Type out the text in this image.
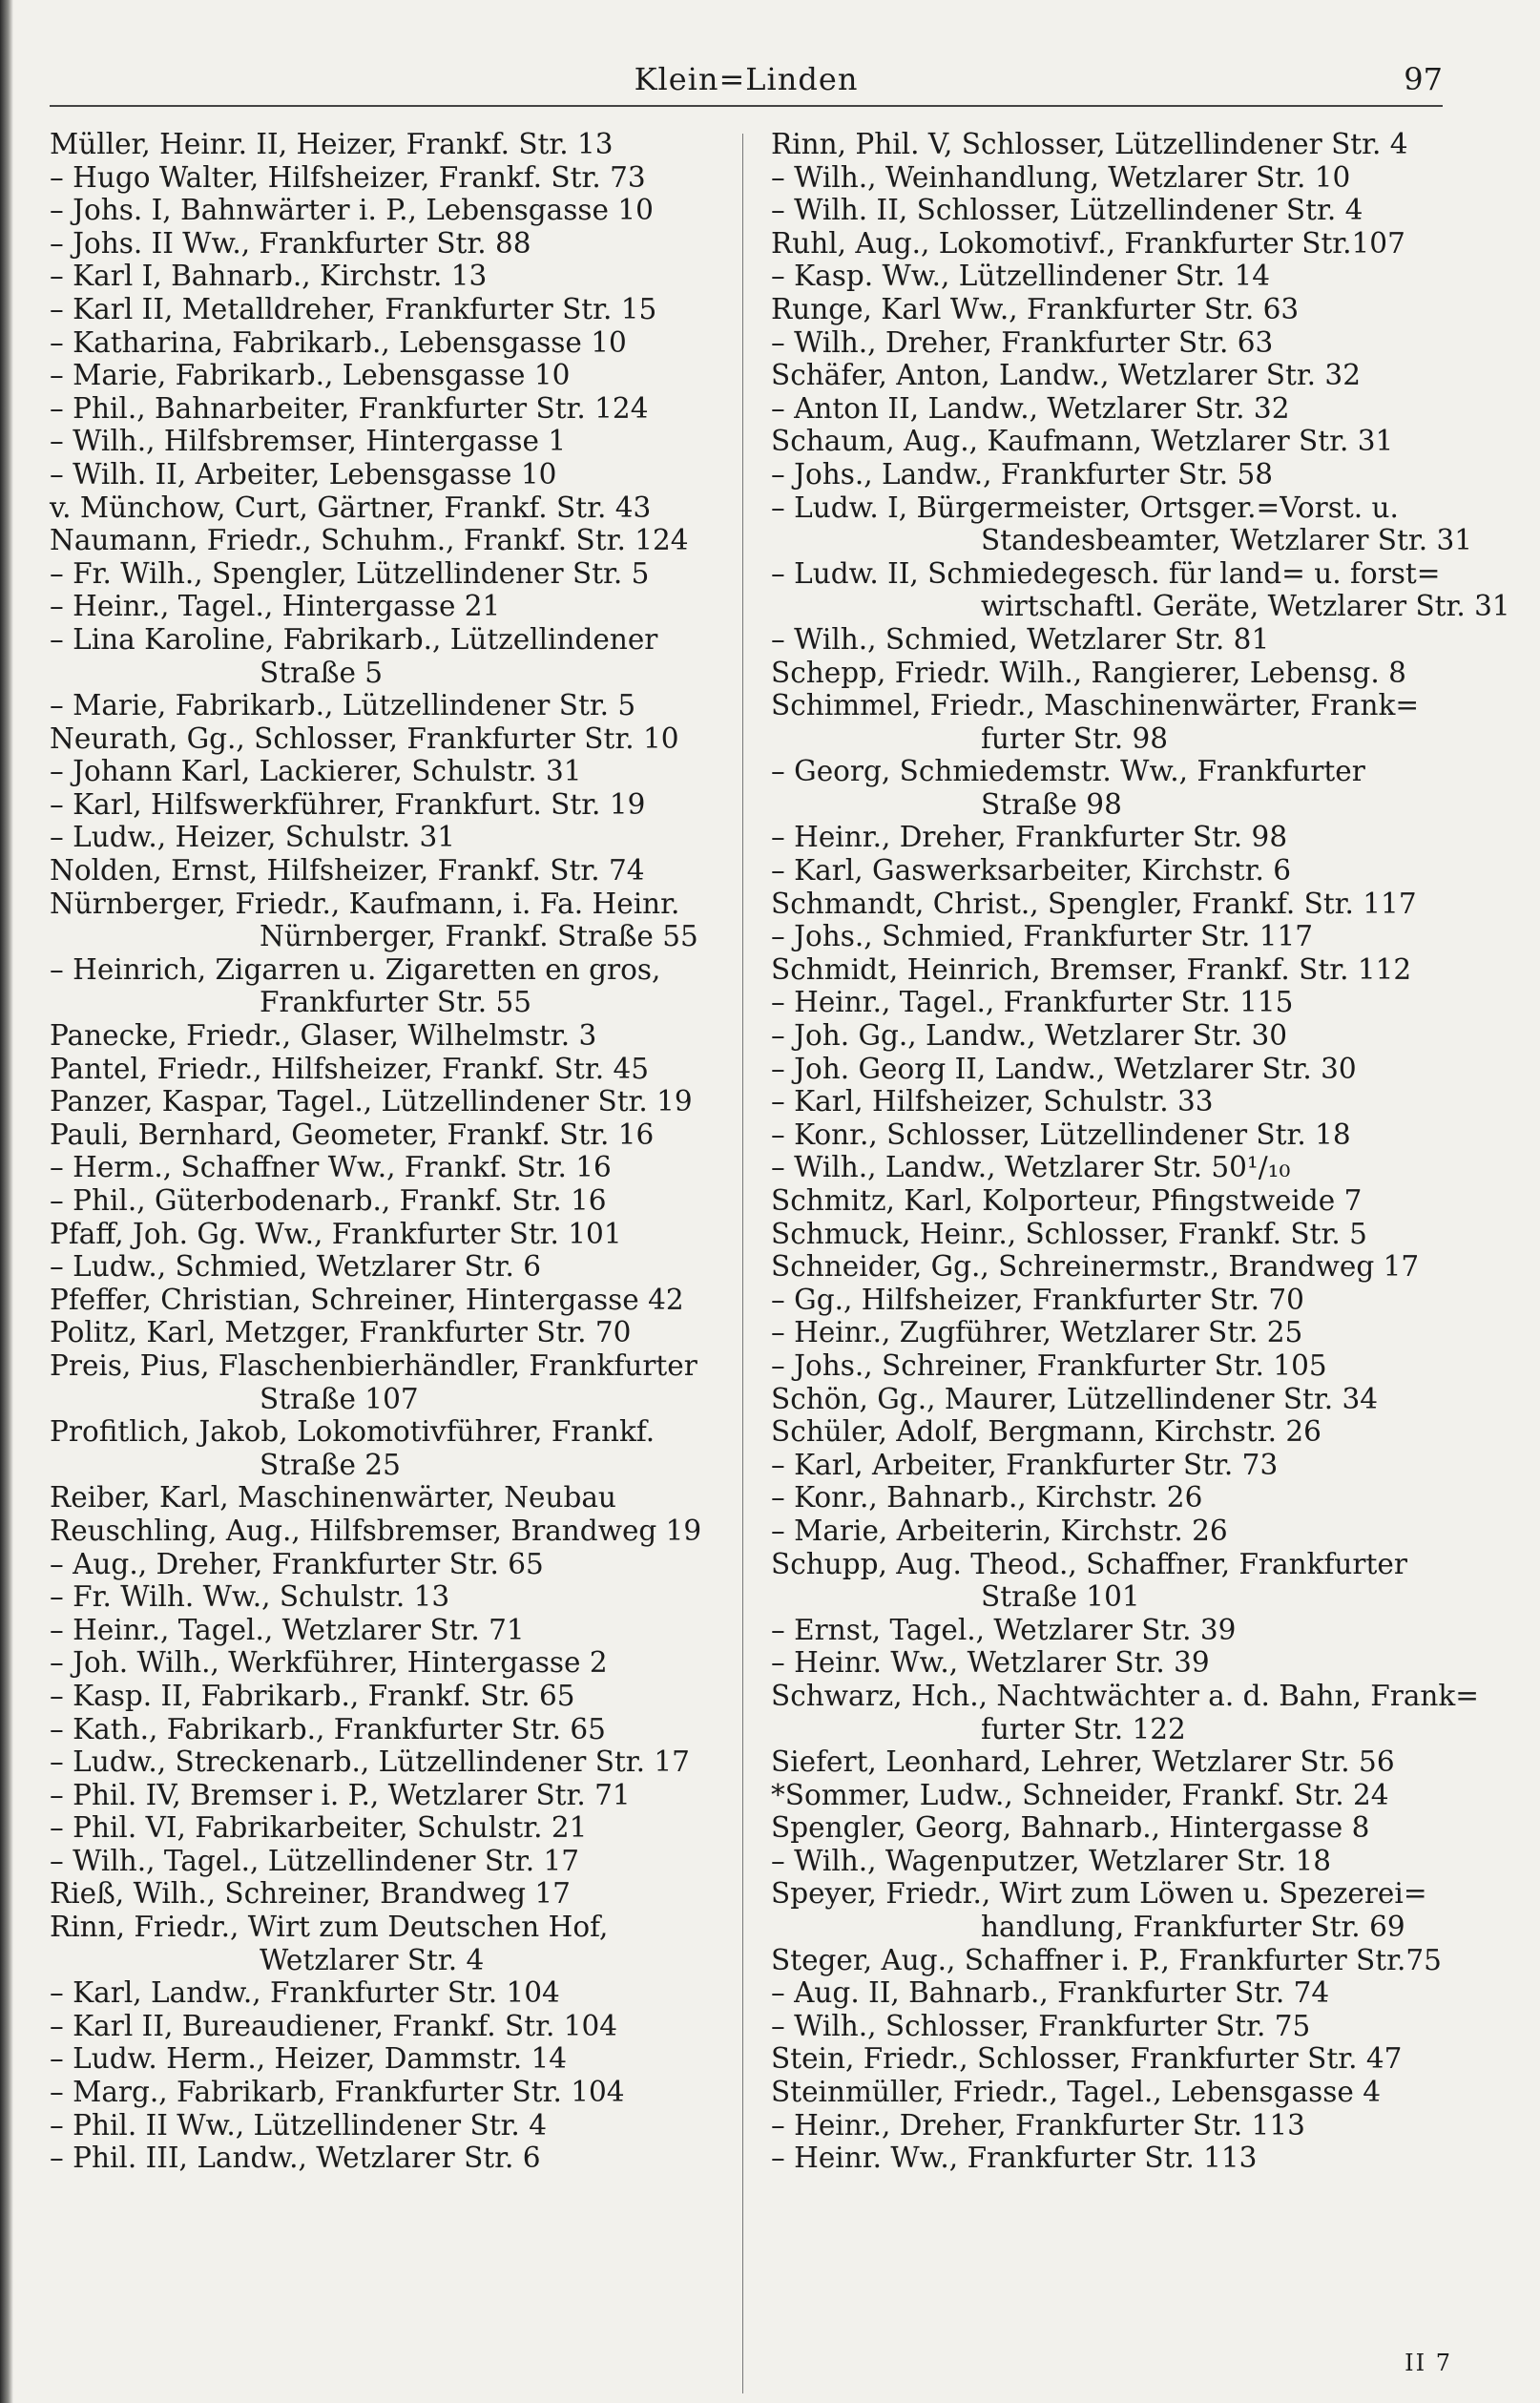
Klein=Linden	97
Müller, Heinr. II, Heizer, Frankf. Str. 13
– Hugo Walter, Hilfsheizer, Frankf. Str. 73
– Johs. I, Bahnwärter i. P., Lebensgasse 10
– Johs. II Ww., Frankfurter Str. 88
– Karl I, Bahnarb., Kirchstr. 13
– Karl II, Metalldreher, Frankfurter Str. 15
– Katharina, Fabrikarb., Lebensgasse 10
– Marie, Fabrikarb., Lebensgasse 10
– Phil., Bahnarbeiter, Frankfurter Str. 124
– Wilh., Hilfsbremser, Hintergasse 1
– Wilh. II, Arbeiter, Lebensgasse 10
v. Münchow, Curt, Gärtner, Frankf. Str. 43
Naumann, Friedr., Schuhm., Frankf. Str. 124
– Fr. Wilh., Spengler, Lützellindener Str. 5
– Heinr., Tagel., Hintergasse 21
– Lina Karoline, Fabrikarb., Lützellindener
Straße 5
– Marie, Fabrikarb., Lützellindener Str. 5
Neurath, Gg., Schlosser, Frankfurter Str. 10
– Johann Karl, Lackierer, Schulstr. 31
– Karl, Hilfswerkführer, Frankfurt. Str. 19
– Ludw., Heizer, Schulstr. 31
Nolden, Ernst, Hilfsheizer, Frankf. Str. 74
Nürnberger, Friedr., Kaufmann, i. Fa. Heinr.
Nürnberger, Frankf. Straße 55
– Heinrich, Zigarren u. Zigaretten en gros,
Frankfurter Str. 55
Panecke, Friedr., Glaser, Wilhelmstr. 3
Pantel, Friedr., Hilfsheizer, Frankf. Str. 45
Panzer, Kaspar, Tagel., Lützellindener Str. 19
Pauli, Bernhard, Geometer, Frankf. Str. 16
– Herm., Schaffner Ww., Frankf. Str. 16
– Phil., Güterbodenarb., Frankf. Str. 16
Pfaff, Joh. Gg. Ww., Frankfurter Str. 101
– Ludw., Schmied, Wetzlarer Str. 6
Pfeffer, Christian, Schreiner, Hintergasse 42
Politz, Karl, Metzger, Frankfurter Str. 70
Preis, Pius, Flaschenbierhändler, Frankfurter
Straße 107
Profitlich, Jakob, Lokomotivführer, Frankf.
Straße 25
Reiber, Karl, Maschinenwärter, Neubau
Reuschling, Aug., Hilfsbremser, Brandweg 19
– Aug., Dreher, Frankfurter Str. 65
– Fr. Wilh. Ww., Schulstr. 13
– Heinr., Tagel., Wetzlarer Str. 71
– Joh. Wilh., Werkführer, Hintergasse 2
– Kasp. II, Fabrikarb., Frankf. Str. 65
– Kath., Fabrikarb., Frankfurter Str. 65
– Ludw., Streckenarb., Lützellindener Str. 17
– Phil. IV, Bremser i. P., Wetzlarer Str. 71
– Phil. VI, Fabrikarbeiter, Schulstr. 21
– Wilh., Tagel., Lützellindener Str. 17
Rieß, Wilh., Schreiner, Brandweg 17
Rinn, Friedr., Wirt zum Deutschen Hof,
Wetzlarer Str. 4
– Karl, Landw., Frankfurter Str. 104
– Karl II, Bureaudiener, Frankf. Str. 104
– Ludw. Herm., Heizer, Dammstr. 14
– Marg., Fabrikarb, Frankfurter Str. 104
– Phil. II Ww., Lützellindener Str. 4
– Phil. III, Landw., Wetzlarer Str. 6
Rinn, Phil. V, Schlosser, Lützellindener Str. 4
– Wilh., Weinhandlung, Wetzlarer Str. 10
– Wilh. II, Schlosser, Lützellindener Str. 4
Ruhl, Aug., Lokomotivf., Frankfurter Str.107
– Kasp. Ww., Lützellindener Str. 14
Runge, Karl Ww., Frankfurter Str. 63
– Wilh., Dreher, Frankfurter Str. 63
Schäfer, Anton, Landw., Wetzlarer Str. 32
– Anton II, Landw., Wetzlarer Str. 32
Schaum, Aug., Kaufmann, Wetzlarer Str. 31
– Johs., Landw., Frankfurter Str. 58
– Ludw. I, Bürgermeister, Ortsger.=Vorst. u.
Standesbeamter, Wetzlarer Str. 31
– Ludw. II, Schmiedegesch. für land= u. forst=
wirtschaftl. Geräte, Wetzlarer Str. 31
– Wilh., Schmied, Wetzlarer Str. 81
Schepp, Friedr. Wilh., Rangierer, Lebensg. 8
Schimmel, Friedr., Maschinenwärter, Frank=
furter Str. 98
– Georg, Schmiedemstr. Ww., Frankfurter
Straße 98
– Heinr., Dreher, Frankfurter Str. 98
– Karl, Gaswerksarbeiter, Kirchstr. 6
Schmandt, Christ., Spengler, Frankf. Str. 117
– Johs., Schmied, Frankfurter Str. 117
Schmidt, Heinrich, Bremser, Frankf. Str. 112
– Heinr., Tagel., Frankfurter Str. 115
– Joh. Gg., Landw., Wetzlarer Str. 30
– Joh. Georg II, Landw., Wetzlarer Str. 30
– Karl, Hilfsheizer, Schulstr. 33
– Konr., Schlosser, Lützellindener Str. 18
– Wilh., Landw., Wetzlarer Str. 50¹/₁₀
Schmitz, Karl, Kolporteur, Pfingstweide 7
Schmuck, Heinr., Schlosser, Frankf. Str. 5
Schneider, Gg., Schreinermstr., Brandweg 17
– Gg., Hilfsheizer, Frankfurter Str. 70
– Heinr., Zugführer, Wetzlarer Str. 25
– Johs., Schreiner, Frankfurter Str. 105
Schön, Gg., Maurer, Lützellindener Str. 34
Schüler, Adolf, Bergmann, Kirchstr. 26
– Karl, Arbeiter, Frankfurter Str. 73
– Konr., Bahnarb., Kirchstr. 26
– Marie, Arbeiterin, Kirchstr. 26
Schupp, Aug. Theod., Schaffner, Frankfurter
Straße 101
– Ernst, Tagel., Wetzlarer Str. 39
– Heinr. Ww., Wetzlarer Str. 39
Schwarz, Hch., Nachtwächter a. d. Bahn, Frank=
furter Str. 122
Siefert, Leonhard, Lehrer, Wetzlarer Str. 56
*Sommer, Ludw., Schneider, Frankf. Str. 24
Spengler, Georg, Bahnarb., Hintergasse 8
– Wilh., Wagenputzer, Wetzlarer Str. 18
Speyer, Friedr., Wirt zum Löwen u. Spezerei=
handlung, Frankfurter Str. 69
Steger, Aug., Schaffner i. P., Frankfurter Str.75
– Aug. II, Bahnarb., Frankfurter Str. 74
– Wilh., Schlosser, Frankfurter Str. 75
Stein, Friedr., Schlosser, Frankfurter Str. 47
Steinmüller, Friedr., Tagel., Lebensgasse 4
– Heinr., Dreher, Frankfurter Str. 113
– Heinr. Ww., Frankfurter Str. 113
II 7
